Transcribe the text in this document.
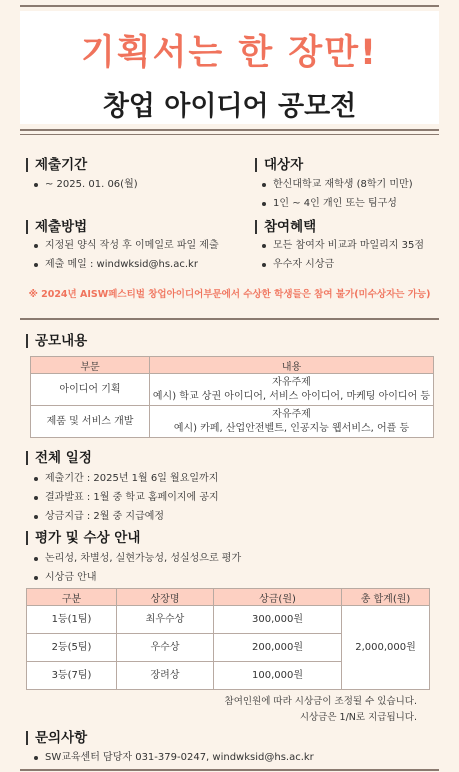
기획서는 한 장만!
창업 아이디어 공모전
제출기간
~ 2025. 01. 06(월)
대상자
한신대학교 재학생 (8학기 미만)
1인 ~ 4인 개인 또는 팀구성
제출방법
지정된 양식 작성 후 이메일로 파일 제출
제출 메일 : windwksid@hs.ac.kr
참여혜택
모든 참여자 비교과 마일리지 35점
우수자 시상금
※ 2024년 AISW페스티벌 창업아이디어부문에서 수상한 학생들은 참여 불가(미수상자는 가능)
공모내용
부문	내용
아이디어 기획	자유주제
예시) 학교 상권 아이디어, 서비스 아이디어, 마케팅 아이디어 등

제품 및 서비스 개발	자유주제
예시) 카페, 산업안전벨트, 인공지능 웹서비스, 어플 등
전체 일정
제출기간 : 2025년 1월 6일 월요일까지
결과발표 : 1월 중 학교 홈페이지에 공지
상금지급 : 2월 중 지급예정
평가 및 수상 안내
논리성, 차별성, 실현가능성, 성실성으로 평가
시상금 안내
구분	상장명	상금(원)	총 합계(원)
1등(1팀)	최우수상	300,000원	2,000,000원
2등(5팀)	우수상	200,000원	
3등(7팀)	장려상	100,000원	
참여인원에 따라 시상금이 조정될 수 있습니다.
시상금은 1/N로 지급됩니다.
문의사항
SW교육센터 담당자 031-379-0247, windwksid@hs.ac.kr
